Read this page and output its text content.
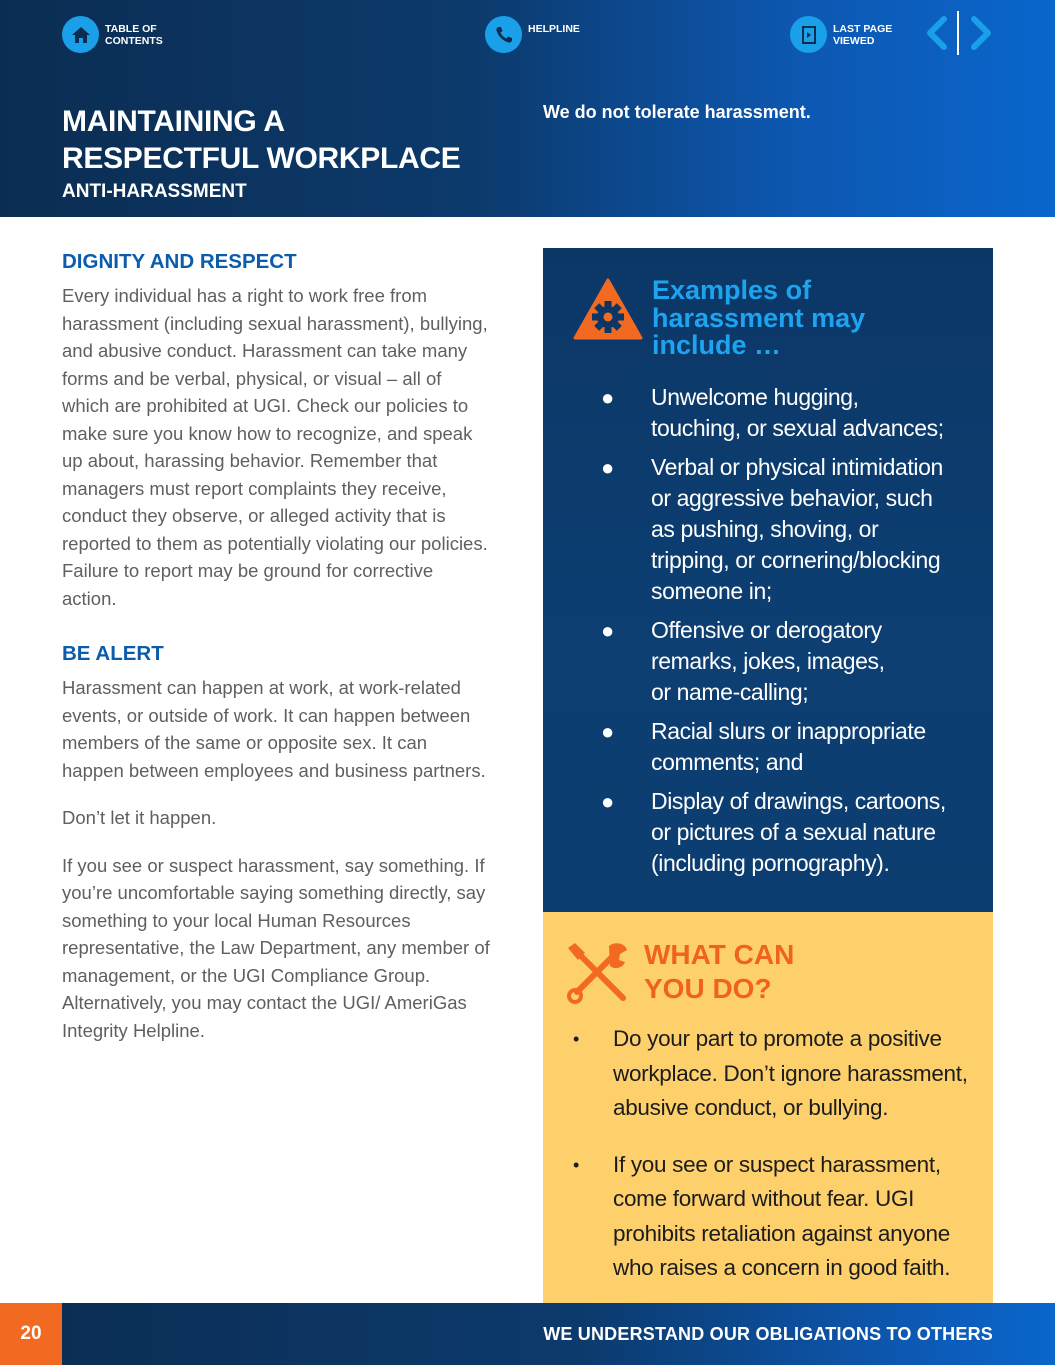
TABLE OF
CONTENTS
HELPLINE	LAST PAGE
VIEWED
MAINTAINING A
RESPECTFUL WORKPLACE
ANTI-HARASSMENT
We do not tolerate harassment.
DIGNITY AND RESPECT

Every individual has a right to work free from harassment (including sexual harassment), bullying, and abusive conduct. Harassment can take many forms and be verbal, physical, or visual – all of which are prohibited at UGI. Check our policies to make sure you know how to recognize, and speak up about, harassing behavior. Remember that managers must report complaints they receive, conduct they observe, or alleged activity that is reported to them as potentially violating our policies. Failure to report may be ground for corrective action.

BE ALERT

Harassment can happen at work, at work-related events, or outside of work. It can happen between members of the same or opposite sex. It can happen between employees and business partners.

Don’t let it happen.

If you see or suspect harassment, say something. If you’re uncomfortable saying something directly, say something to your local Human Resources representative, the Law Department, any member of management, or the UGI Compliance Group. Alternatively, you may contact the UGI/ AmeriGas Integrity Helpline.

Examples of
harassment may
include …
● Unwelcome hugging,
touching, or sexual advances;
● Verbal or physical intimidation
or aggressive behavior, such
as pushing, shoving, or
tripping, or cornering/blocking
someone in;
● Offensive or derogatory
remarks, jokes, images,
or name-calling;
● Racial slurs or inappropriate
comments; and
● Display of drawings, cartoons,
or pictures of a sexual nature
(including pornography).
WHAT CAN
YOU DO?
• Do your part to promote a positive
workplace. Don’t ignore harassment,
abusive conduct, or bullying.
• If you see or suspect harassment,
come forward without fear. UGI
prohibits retaliation against anyone
who raises a concern in good faith.
20	WE UNDERSTAND OUR OBLIGATIONS TO OTHERS
